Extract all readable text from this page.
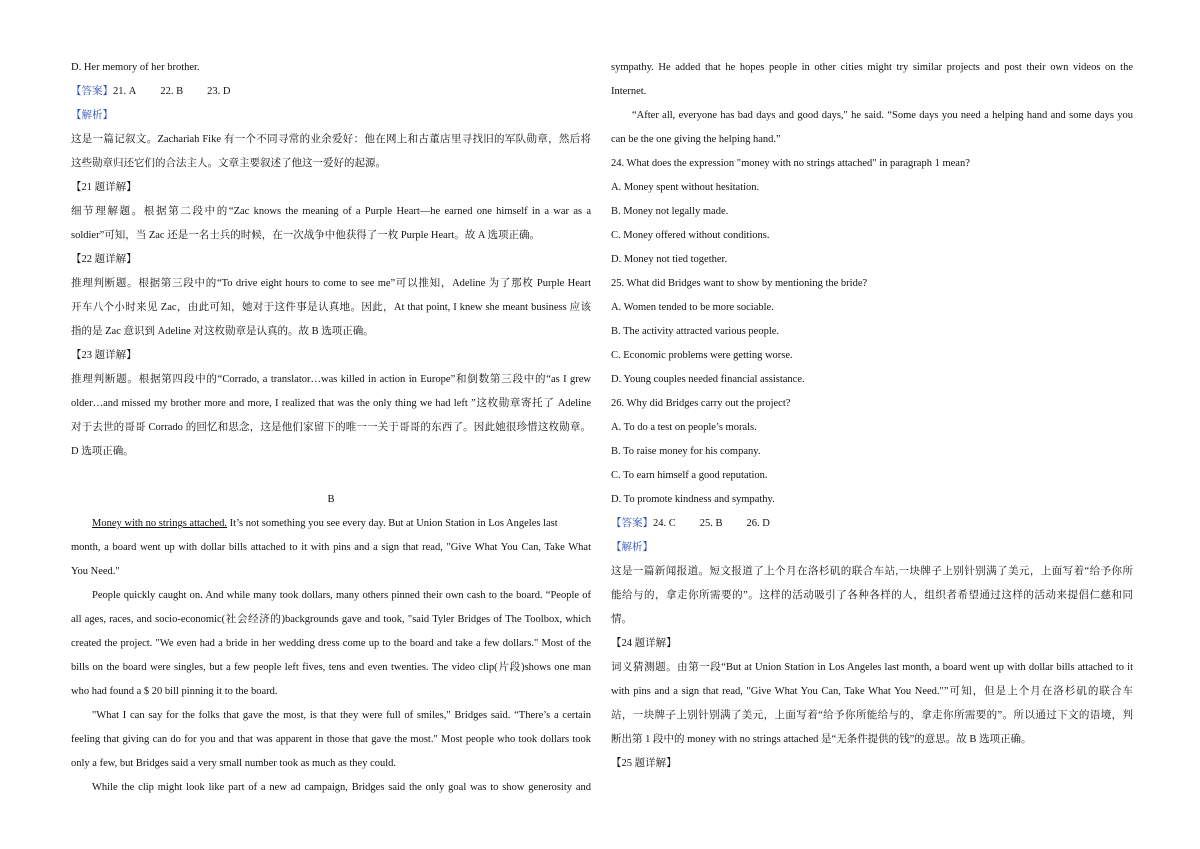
D. Her memory of her brother.
【答案】21. A 22. B 23. D
【解析】
这是一篇记叙文。Zachariah Fike 有一个不同寻常的业余爱好：他在网上和古董店里寻找旧的军队勋章，然后将
这些勋章归还它们的合法主人。文章主要叙述了他这一爱好的起源。
【21 题详解】
细节理解题。根据第二段中的“Zac knows the meaning of a Purple Heart—he earned one himself in a war as a
soldier”可知，当 Zac 还是一名士兵的时候，在一次战争中他获得了一枚 Purple Heart。故 A 选项正确。
【22 题详解】
推理判断题。根据第三段中的“To drive eight hours to come to see me”可以推知，Adeline 为了那枚 Purple Heart
开车八个小时来见 Zac，由此可知，她对于这件事是认真地。因此，At that point, I knew she meant business 应该
指的是 Zac 意识到 Adeline 对这枚勋章是认真的。故 B 选项正确。
【23 题详解】
推理判断题。根据第四段中的“Corrado, a translator…was killed in action in Europe”和倒数第三段中的“as I grew
older…and missed my brother more and more, I realized that was the only thing we had left ”这枚勋章寄托了 Adeline
对于去世的哥哥 Corrado 的回忆和思念，这是他们家留下的唯一一关于哥哥的东西了。因此她很珍惜这枚勋章。
D 选项正确。
B
Money with no strings attached. It’s not something you see every day. But at Union Station in Los Angeles last
month, a board went up with dollar bills attached to it with pins and a sign that read, "Give What You Can, Take What
You Need."
People quickly caught on. And while many took dollars, many others pinned their own cash to the board. “People of
all ages, races, and socio-economic(社会经济的)backgrounds gave and took, "said Tyler Bridges of The Toolbox, which
created the project. "We even had a bride in her wedding dress come up to the board and take a few dollars." Most of the
bills on the board were singles, but a few people left fives, tens and even twenties. The video clip(片段)shows one man
who had found a $ 20 bill pinning it to the board.
"What I can say for the folks that gave the most, is that they were full of smiles," Bridges said. “There’s a certain
feeling that giving can do for you and that was apparent in those that gave the most." Most people who took dollars took
only a few, but Bridges said a very small number took as much as they could.
While the clip might look like part of a new ad campaign, Bridges said the only goal was to show generosity and
sympathy. He added that he hopes people in other cities might try similar projects and post their own videos on the
Internet.
“After all, everyone has bad days and good days," he said. “Some days you need a helping hand and some days you
can be the one giving the helping hand.”
24. What does the expression "money with no strings attached" in paragraph 1 mean?
A. Money spent without hesitation.
B. Money not legally made.
C. Money offered without conditions.
D. Money not tied together.
25. What did Bridges want to show by mentioning the bride?
A. Women tended to be more sociable.
B. The activity attracted various people.
C. Economic problems were getting worse.
D. Young couples needed financial assistance.
26. Why did Bridges carry out the project?
A. To do a test on people’s morals.
B. To raise money for his company.
C. To earn himself a good reputation.
D. To promote kindness and sympathy.
【答案】24. C 25. B 26. D
【解析】
这是一篇新闻报道。短文报道了上个月在洛杉矶的联合车站,一块牌子上别针别满了美元，上面写着“给予你所
能给与的，拿走你所需要的”。这样的活动吸引了各种各样的人，组织者希望通过这样的活动来提倡仁慈和同
情。
【24 题详解】
词义猜测题。由第一段“But at Union Station in Los Angeles last month, a board went up with dollar bills attached to it
with pins and a sign that read, "Give What You Can, Take What You Need."”可知，但是上个月在洛杉矶的联合车
站，一块牌子上别针别满了美元，上面写着“给予你所能给与的，拿走你所需要的”。所以通过下文的语境，判
断出第 1 段中的 money with no strings attached 是“无条件提供的钱”的意思。故 B 选项正确。
【25 题详解】
